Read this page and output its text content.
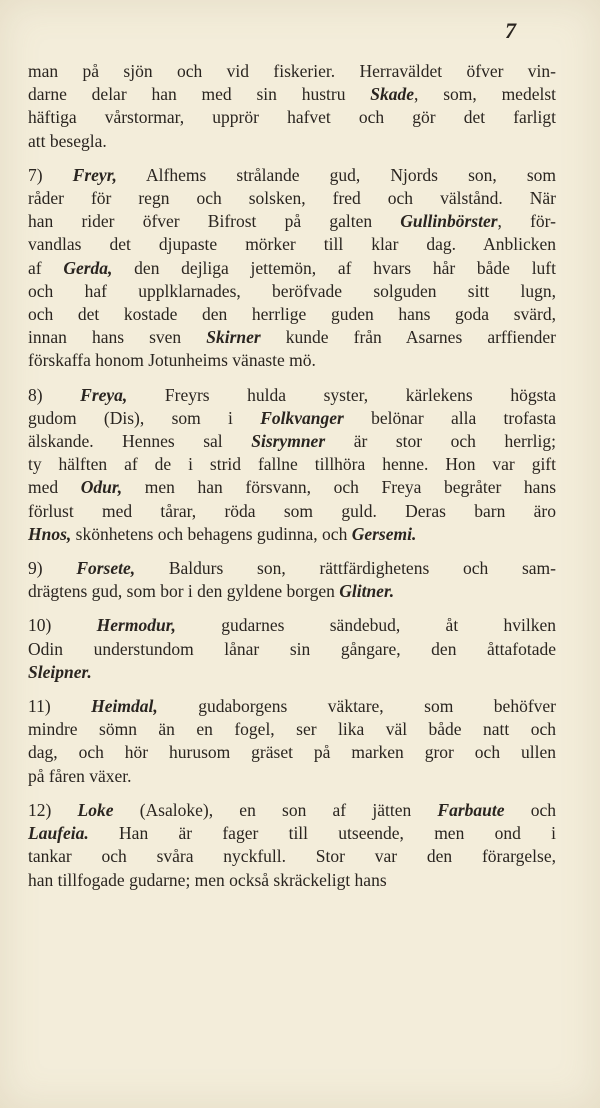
7
man på sjön och vid fiskerier. Herraväldet öfver vin-
darne delar han med sin hustru Skade, som, medelst
häftiga vårstormar, upprör hafvet och gör det farligt
att besegla.
7) Freyr, Alfhems strålande gud, Njords son, som
råder för regn och solsken, fred och välstånd. När
han rider öfver Bifrost på galten Gullinbörster, för-
vandlas det djupaste mörker till klar dag. Anblicken
af Gerda, den dejliga jettemön, af hvars hår både luft
och haf upplklarnades, beröfvade solguden sitt lugn,
och det kostade den herrlige guden hans goda svärd,
innan hans sven Skirner kunde från Asarnes arffiender
förskaffa honom Jotunheims vänaste mö.
8) Freya, Freyrs hulda syster, kärlekens högsta
gudom (Dis), som i Folkvanger belönar alla trofasta
älskande. Hennes sal Sisrymner är stor och herrlig;
ty hälften af de i strid fallne tillhöra henne. Hon var gift
med Odur, men han försvann, och Freya begråter hans
förlust med tårar, röda som guld. Deras barn äro
Hnos, skönhetens och behagens gudinna, och Gersemi.
9) Forsete, Baldurs son, rättfärdighetens och sam-
drägtens gud, som bor i den gyldene borgen Glitner.
10) Hermodur, gudarnes sändebud, åt hvilken
Odin understundom lånar sin gångare, den åttafotade
Sleipner.
11) Heimdal, gudaborgens väktare, som behöfver
mindre sömn än en fogel, ser lika väl både natt och
dag, och hör hurusom gräset på marken gror och ullen
på fåren växer.
12) Loke (Asaloke), en son af jätten Farbaute och
Laufeia. Han är fager till utseende, men ond i
tankar och svåra nyckfull. Stor var den förargelse,
han tillfogade gudarne; men också skräckeligt hans
